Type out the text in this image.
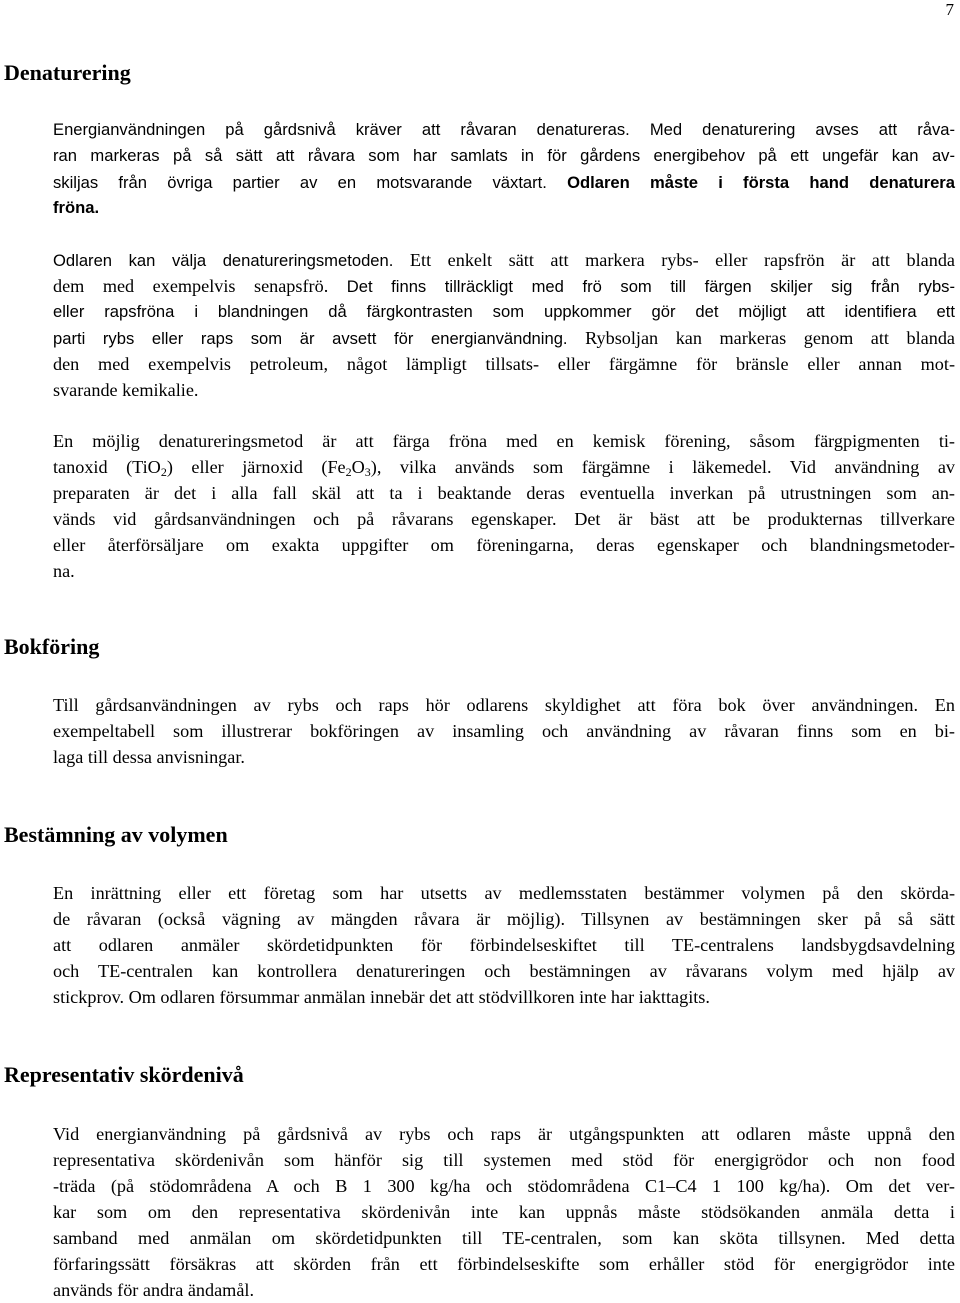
7
Denaturering
Energianvändningen på gårdsnivå kräver att råvaran denatureras. Med denaturering avses att råva-
ran markeras på så sätt att råvara som har samlats in för gårdens energibehov på ett ungefär kan av-
skiljas från övriga partier av en motsvarande växtart. Odlaren måste i första hand denaturera
fröna.
Odlaren kan välja denatureringsmetoden. Ett enkelt sätt att markera rybs- eller rapsfrön är att blanda
dem med exempelvis senapsfrö. Det finns tillräckligt med frö som till färgen skiljer sig från rybs-
eller rapsfröna i blandningen då färgkontrasten som uppkommer gör det möjligt att identifiera ett
parti rybs eller raps som är avsett för energianvändning. Rybsoljan kan markeras genom att blanda
den med exempelvis petroleum, något lämpligt tillsats- eller färgämne för bränsle eller annan mot-
svarande kemikalie.
En möjlig denatureringsmetod är att färga fröna med en kemisk förening, såsom färgpigmenten ti-
tanoxid (TiO$_2$) eller järnoxid $(Fe_2O_3)$, vilka används som färgämne i läkemedel. Vid användning av
preparaten är det i alla fall skäl att ta i beaktande deras eventuella inverkan på utrustningen som an-
vänds vid gårdsanvändningen och på råvarans egenskaper. Det är bäst att be produkternas tillverkare
eller återförsäljare om exakta uppgifter om föreningarna, deras egenskaper och blandningsmetoder-
na.
Bokföring
Till gårdsanvändningen av rybs och raps hör odlarens skyldighet att föra bok över användningen. En
exempeltabell som illustrerar bokföringen av insamling och användning av råvaran finns som en bi-
laga till dessa anvisningar.
Bestämning av volymen
En inrättning eller ett företag som har utsetts av medlemsstaten bestämmer volymen på den skörda-
de råvaran (också vägning av mängden råvara är möjlig). Tillsynen av bestämningen sker på så sätt
att odlaren anmäler skördetidpunkten för förbindelseskiftet till TE-centralens landsbygdsavdelning
och TE-centralen kan kontrollera denatureringen och bestämningen av råvarans volym med hjälp av
stickprov. Om odlaren försummar anmälan innebär det att stödvillkoren inte har iakttagits.
Representativ skördenivå
Vid energianvändning på gårdsnivå av rybs och raps är utgångspunkten att odlaren måste uppnå den
representativa skördenivån som hänför sig till systemen med stöd för energigrödor och non food
-träda (på stödområdena A och B 1 300 kg/ha och stödområdena C1–C4 1 100 kg/ha). Om det ver-
kar som om den representativa skördenivån inte kan uppnås måste stödsökanden anmäla detta i
samband med anmälan om skördetidpunkten till TE-centralen, som kan sköta tillsynen. Med detta
förfaringssätt försäkras att skörden från ett förbindelseskifte som erhåller stöd för energigrödor inte
används för andra ändamål.
